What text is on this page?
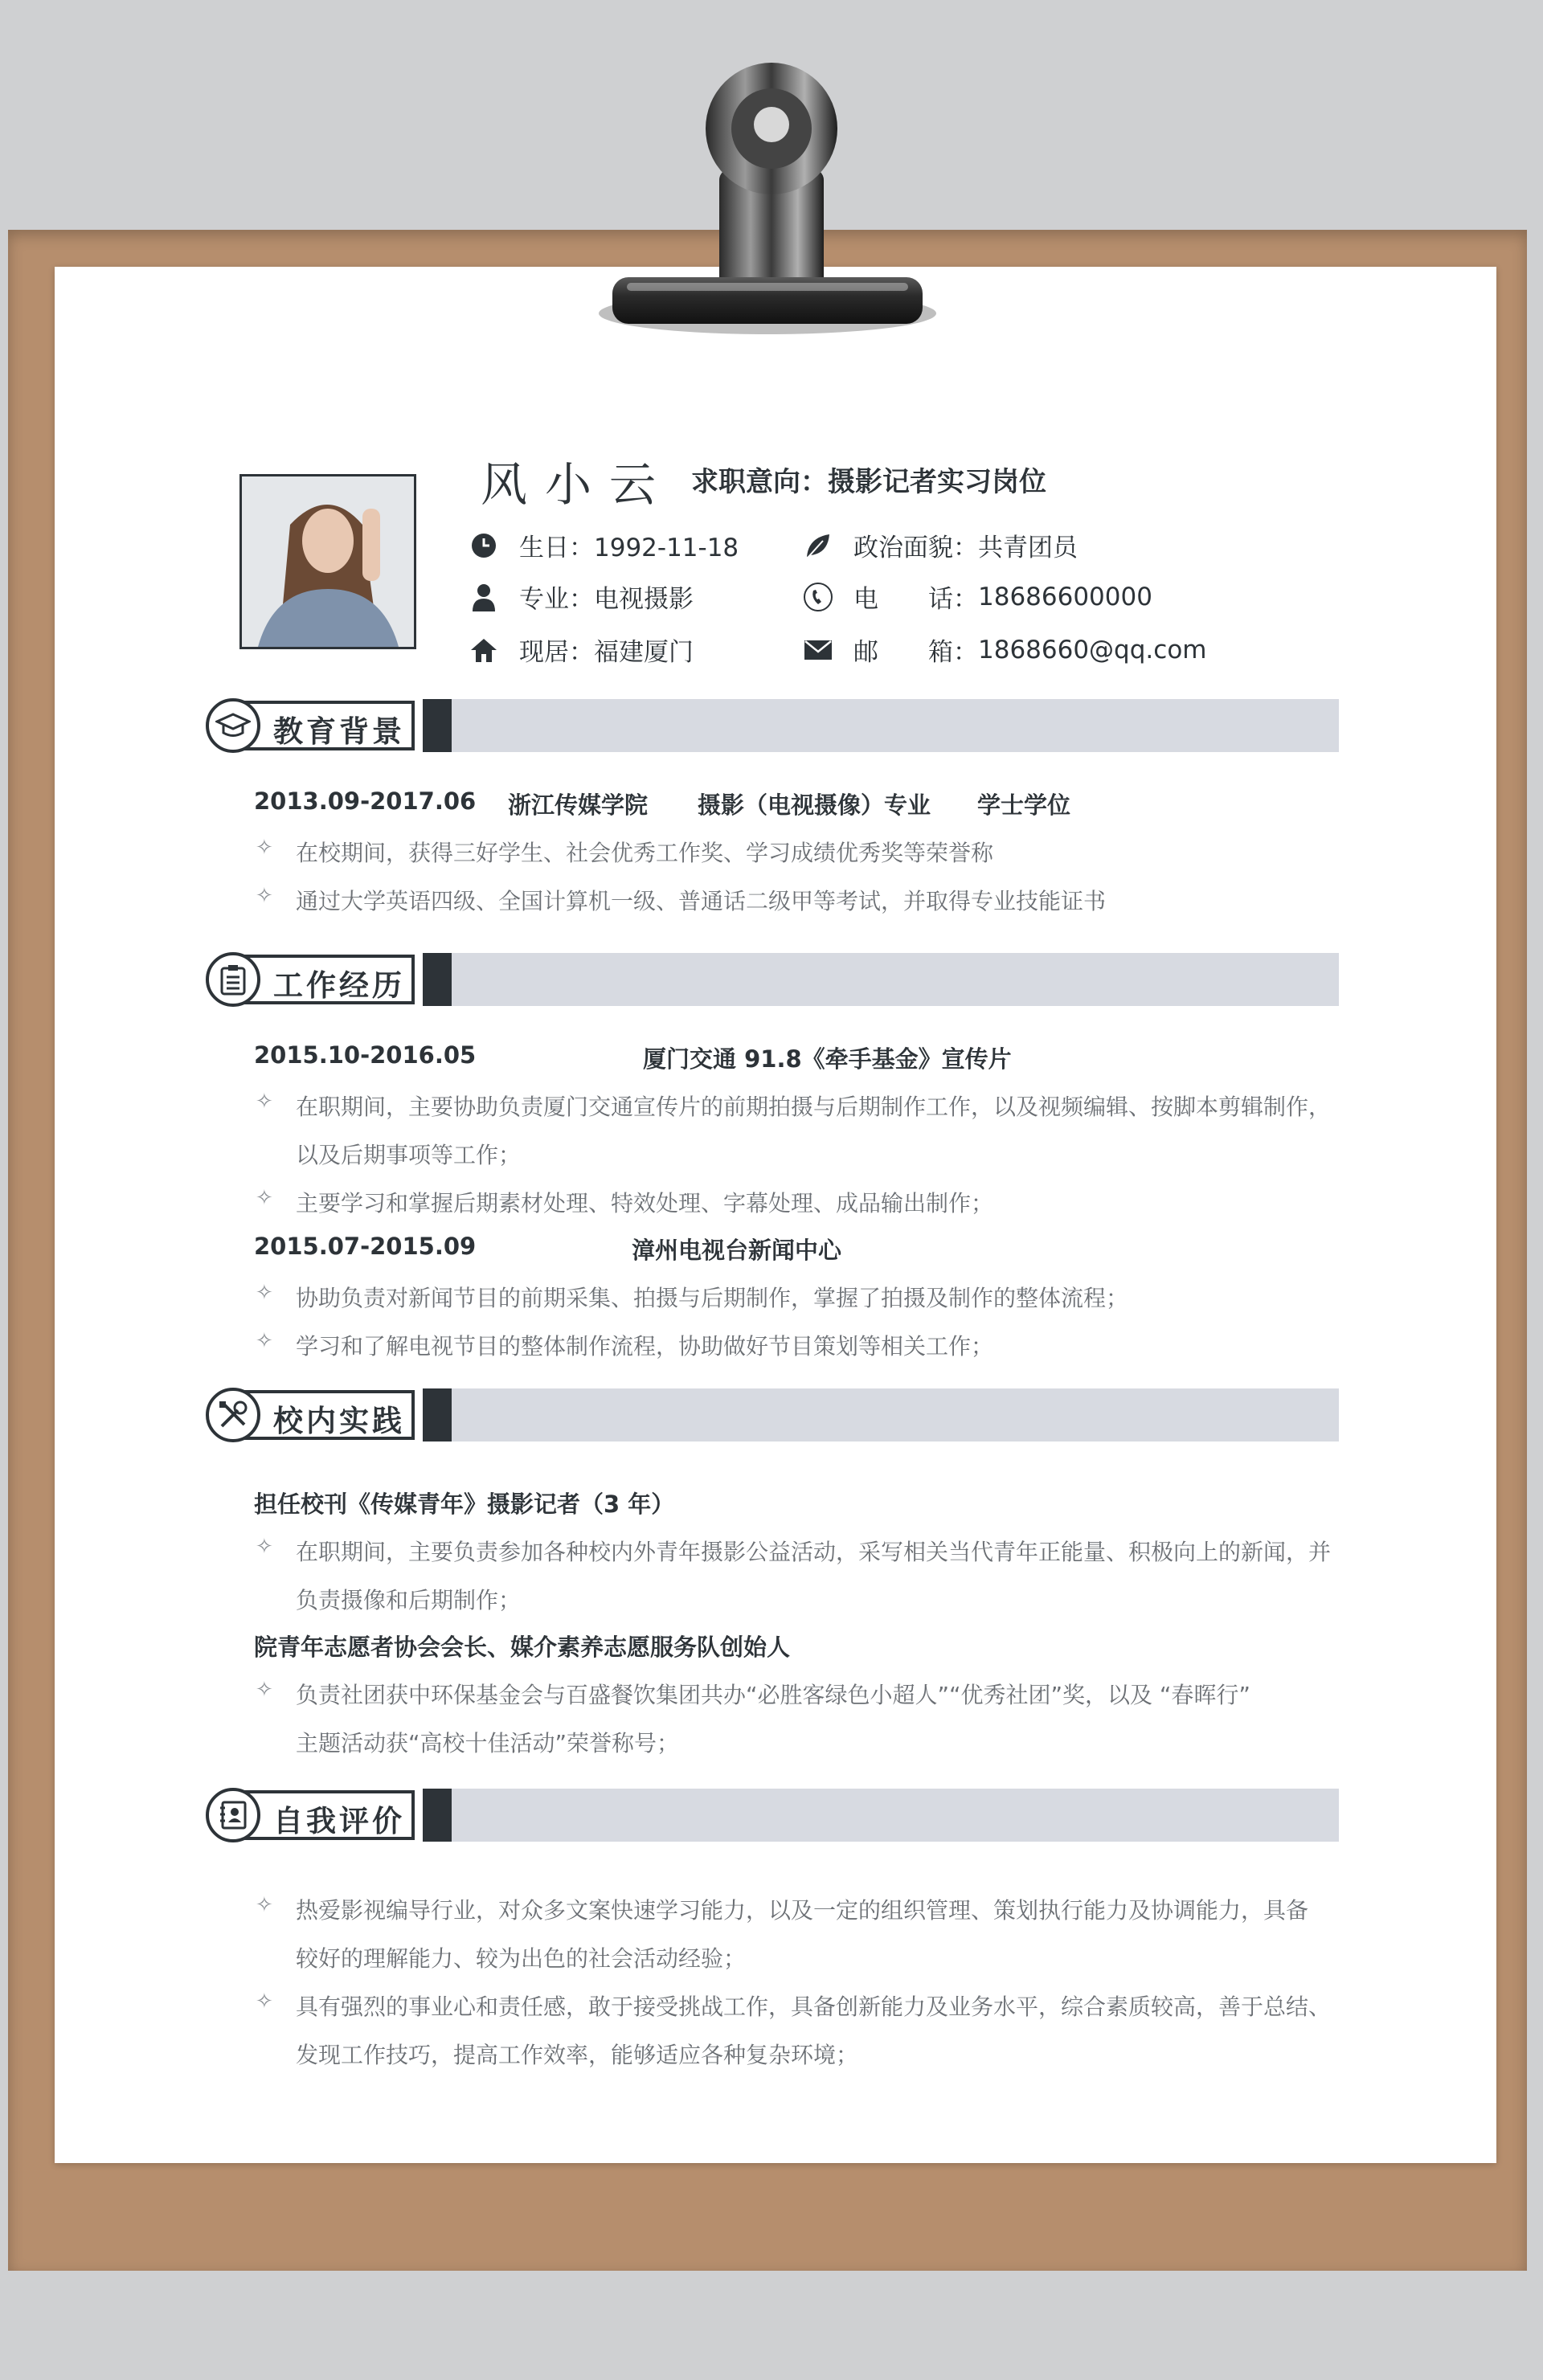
风小云 求职意向：摄影记者实习岗位
生日：1992-11-18
专业：电视摄影
现居：福建厦门
政治面貌：共青团员
电　　话： 18686600000
邮　　箱： 1868660@qq.com
教育背景
2013.09-2017.06 浙江传媒学院 摄影（电视摄像）专业 学士学位
✧ 在校期间，获得三好学生、社会优秀工作奖、学习成绩优秀奖等荣誉称
✧ 通过大学英语四级、全国计算机一级、普通话二级甲等考试，并取得专业技能证书
工作经历
2015.10-2016.05	厦门交通 91.8《牵手基金》宣传片
✧ 在职期间，主要协助负责厦门交通宣传片的前期拍摄与后期制作工作，以及视频编辑、按脚本剪辑制作，
以及后期事项等工作；
✧ 主要学习和掌握后期素材处理、特效处理、字幕处理、成品输出制作；
2015.07-2015.09	漳州电视台新闻中心
✧ 协助负责对新闻节目的前期采集、拍摄与后期制作，掌握了拍摄及制作的整体流程；
✧ 学习和了解电视节目的整体制作流程，协助做好节目策划等相关工作；
校内实践
担任校刊《传媒青年》摄影记者（3 年）
✧ 在职期间，主要负责参加各种校内外青年摄影公益活动，采写相关当代青年正能量、积极向上的新闻，并
负责摄像和后期制作；
院青年志愿者协会会长、媒介素养志愿服务队创始人
✧ 负责社团获中环保基金会与百盛餐饮集团共办“必胜客绿色小超人”“优秀社团”奖，以及 “春晖行”
主题活动获“高校十佳活动”荣誉称号；
自我评价
✧ 热爱影视编导行业，对众多文案快速学习能力，以及一定的组织管理、策划执行能力及协调能力，具备
较好的理解能力、较为出色的社会活动经验；
✧ 具有强烈的事业心和责任感，敢于接受挑战工作，具备创新能力及业务水平，综合素质较高，善于总结、
发现工作技巧，提高工作效率，能够适应各种复杂环境；
